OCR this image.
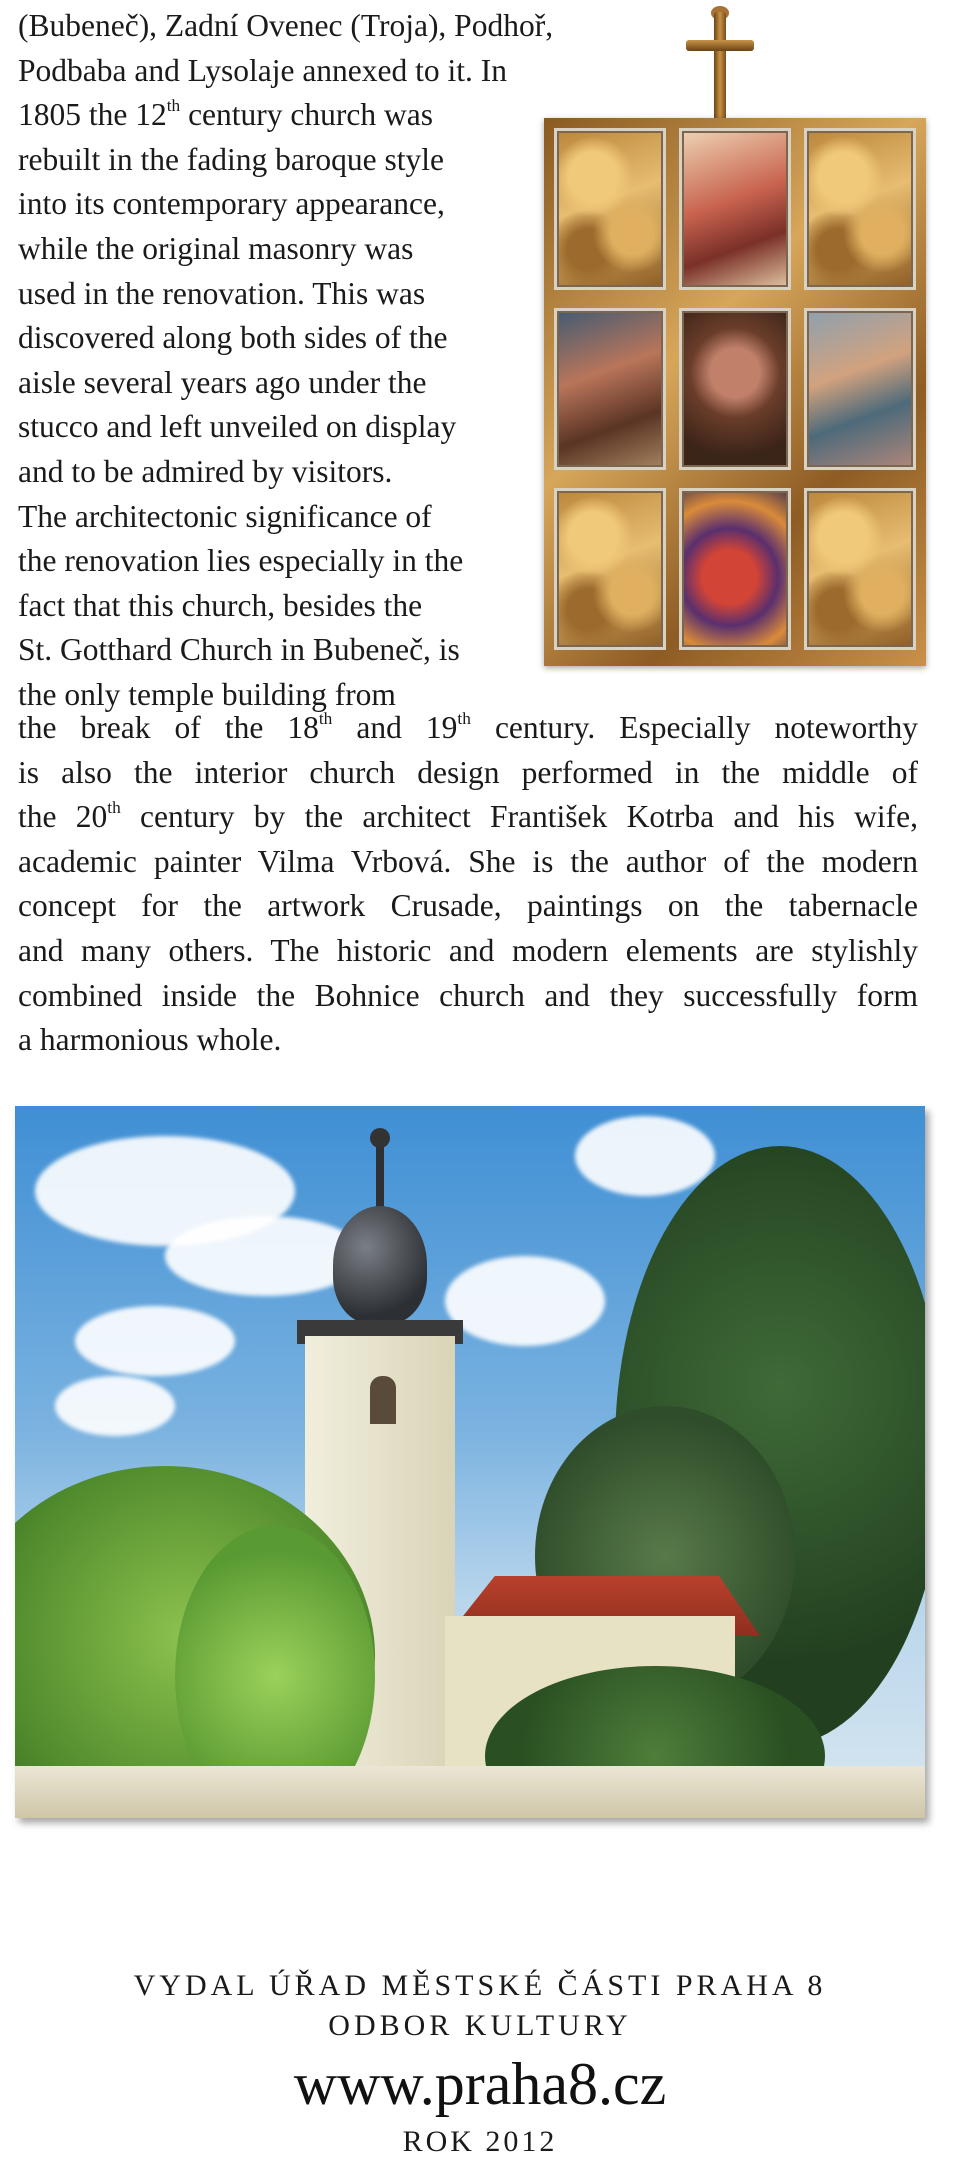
(Bubeneč), Zadní Ovenec (Troja), Podhoř,
Podbaba and Lysolaje annexed to it. In
1805 the 12th century church was
rebuilt in the fading baroque style
into its contemporary appearance,
while the original masonry was
used in the renovation. This was
discovered along both sides of the
aisle several years ago under the
stucco and left unveiled on display
and to be admired by visitors.
The architectonic significance of
the renovation lies especially in the
fact that this church, besides the
St. Gotthard Church in Bubeneč, is
the only temple building from
the break of the 18th and 19th century. Especially noteworthy
is also the interior church design performed in the middle of
the 20th century by the architect František Kotrba and his wife,
academic painter Vilma Vrbová. She is the author of the modern
concept for the artwork Crusade, paintings on the tabernacle
and many others. The historic and modern elements are stylishly
combined inside the Bohnice church and they successfully form
a harmonious whole.
VYDAL ÚŘAD MĚSTSKÉ ČÁSTI PRAHA 8
ODBOR KULTURY
www.praha8.cz
ROK 2012
